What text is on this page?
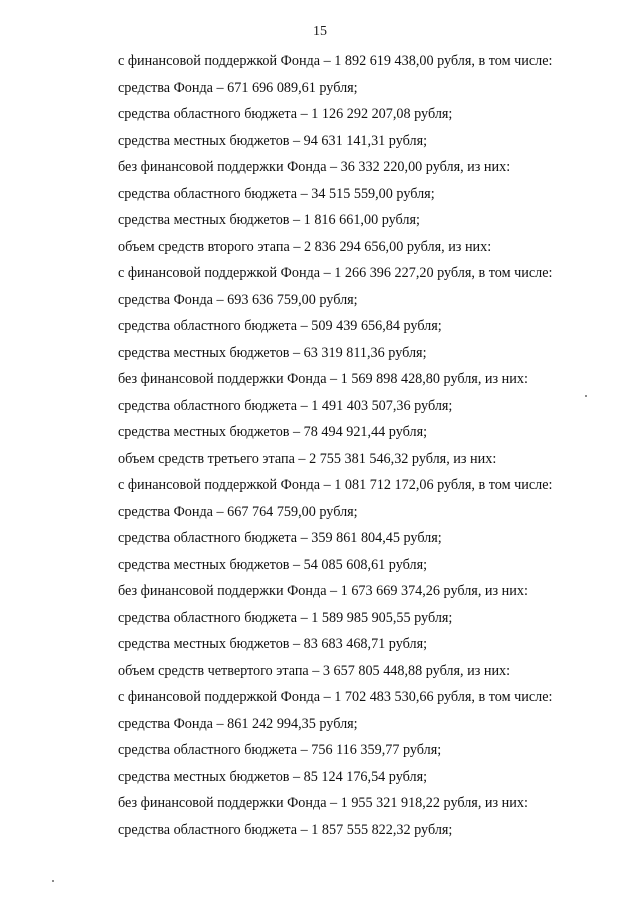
15
с финансовой поддержкой Фонда – 1 892 619 438,00 рубля, в том числе:
средства Фонда – 671 696 089,61 рубля;
средства областного бюджета – 1 126 292 207,08 рубля;
средства местных бюджетов – 94 631 141,31 рубля;
без финансовой поддержки Фонда – 36 332 220,00 рубля, из них:
средства областного бюджета – 34 515 559,00 рубля;
средства местных бюджетов – 1 816 661,00 рубля;
объем средств второго этапа – 2 836 294 656,00 рубля, из них:
с финансовой поддержкой Фонда – 1 266 396 227,20 рубля, в том числе:
средства Фонда – 693 636 759,00 рубля;
средства областного бюджета – 509 439 656,84 рубля;
средства местных бюджетов – 63 319 811,36 рубля;
без финансовой поддержки Фонда – 1 569 898 428,80 рубля, из них:
средства областного бюджета – 1 491 403 507,36 рубля;
средства местных бюджетов – 78 494 921,44 рубля;
объем средств третьего этапа – 2 755 381 546,32 рубля, из них:
с финансовой поддержкой Фонда – 1 081 712 172,06 рубля, в том числе:
средства Фонда – 667 764 759,00 рубля;
средства областного бюджета – 359 861 804,45 рубля;
средства местных бюджетов – 54 085 608,61 рубля;
без финансовой поддержки Фонда – 1 673 669 374,26 рубля, из них:
средства областного бюджета – 1 589 985 905,55 рубля;
средства местных бюджетов – 83 683 468,71 рубля;
объем средств четвертого этапа – 3 657 805 448,88 рубля, из них:
с финансовой поддержкой Фонда – 1 702 483 530,66 рубля, в том числе:
средства Фонда – 861 242 994,35 рубля;
средства областного бюджета – 756 116 359,77 рубля;
средства местных бюджетов – 85 124 176,54 рубля;
без финансовой поддержки Фонда – 1 955 321 918,22 рубля, из них:
средства областного бюджета – 1 857 555 822,32 рубля;
